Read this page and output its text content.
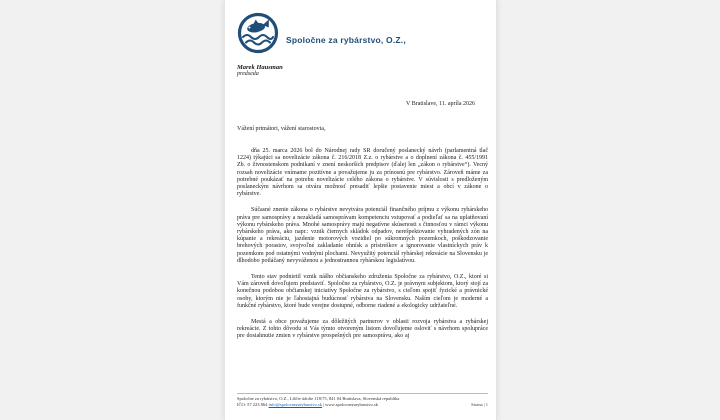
Spoločne za rybárstvo, O.Z.,
Marek Hausman
predseda
V Bratislave, 11. apríla 2026
Vážení primátori, vážení starostovia,

dňa 25. marca 2026 bol do Národnej rady SR doručený poslanecký návrh (parlamentná tlač 1224) týkajúci sa novelizácie zákona č. 216/2018 Z.z. o rybárstve a o doplnení zákona č. 455/1991 Zb. o živnostenskom podnikaní v znení neskorších predpisov (ďalej len „zákon o rybárstve“). Vecný rozsah novelizácie vnímame pozitívne a považujeme ju za prínosnú pre rybárstvo. Zároveň máme za potrebné poukázať na potrebu novelizácie celého zákona o rybárstve. V súvislosti s predloženým poslaneckým návrhom sa otvára možnosť presadiť lepšie postavenie miest a obcí v zákone o rybárstve.

Súčasné znenie zákona o rybárstve nevytvára potenciál finančného príjmu z výkonu rybárskeho práva pre samosprávy a nezakladá samosprávam kompetenciu vstupovať a podieľať sa na uplatňovaní výkonu rybárskeho práva. Mnohé samosprávy majú negatívne skúsenosti s činnosťou v rámci výkonu rybárskeho práva, ako napr.: vznik čiernych skládok odpadov, nerešpektovanie vyhradených zón na kúpanie a rekreáciu, jazdenie motorových vozidiel po súkromných pozemkoch, poškodzovanie brehových porastov, svojvoľné zakladanie ohnísk a prístreškov a ignorovanie vlastníckych práv k pozemkom pod ostatnými vodnými plochami. Nevyužitý potenciál rybárskej rekreácie na Slovensku je dlhodobo potláčaný nevyváženou a jednostrannou rybárskou legislatívou.

Tento stav podnietil vznik nášho občianskeho združenia Spoločne za rybárstvo, O.Z., ktoré si Vám zároveň dovoľujem predstaviť. Spoločne za rybárstvo, O.Z. je právnym subjektom, ktorý stojí za konečnou podobou občianskej iniciatívy Spoločne za rybárstvo, s cieľom spojiť fyzické a právnické osoby, ktorým nie je ľahostajná budúcnosť rybárstva na Slovensku. Naším cieľom je moderné a funkčné rybárstvo, ktoré bude verejne dostupné, odborne riadené a ekologicky udržateľné.

Mestá a obce považujeme za dôležitých partnerov v oblasti rozvoja rybárstva a rybárskej rekreácie. Z tohto dôvodu si Vás týmto otvoreným listom dovoľujeme osloviť s návrhom spolupráce pre dosiahnutie zmien v rybárstve prospešných pre samosprávu, ako aj

Spoločne za rybárstvo, O.Z., Líščie údolie 118/75, 841 04 Bratislava, Slovenská republika
IČO: 57 223 864 info@spolocnezarybarstvo.sk | www.spolocnezarybarstvo.sk	Strana | 1
